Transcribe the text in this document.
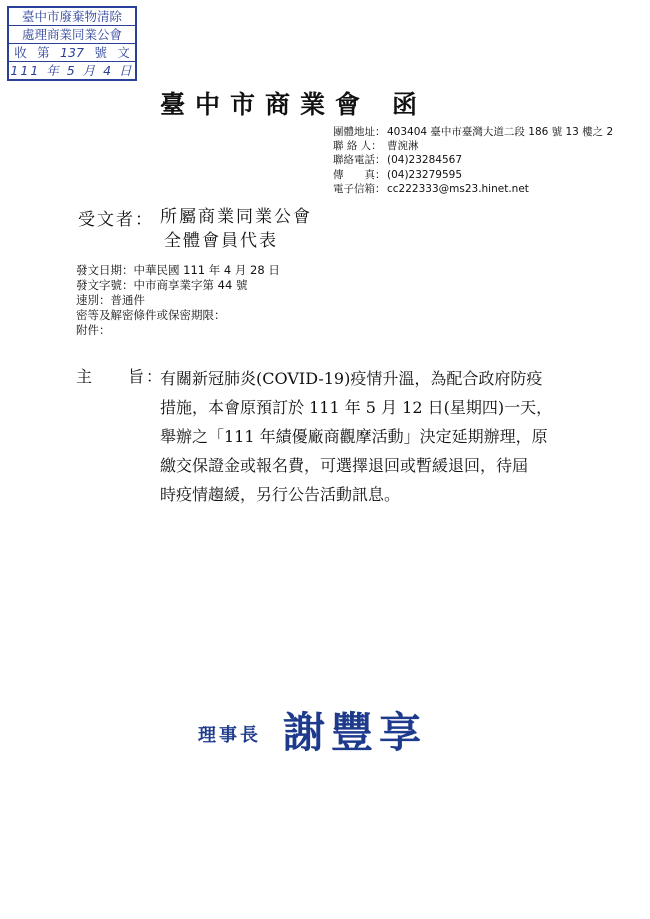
臺中市廢棄物清除
處理商業同業公會
收 第 137 號 文
111 年 5 月 4 日
臺中市商業會 函
團體地址： 403404 臺中市臺灣大道二段 186 號 13 樓之 2
聯 絡 人： 曹涴淋
聯絡電話： (04)23284567
傳　　真： (04)23279595
電子信箱： cc222333@ms23.hinet.net
受文者： 所屬商業同業公會
全體會員代表
發文日期：中華民國 111 年 4 月 28 日
發文字號：中市商享業字第 44 號
速別：普通件
密等及解密條件或保密期限：
附件：
主 旨 ：
有關新冠肺炎(COVID-19)疫情升溫，為配合政府防疫
措施，本會原預訂於 111 年 5 月 12 日(星期四)一天，
舉辦之「111 年績優廠商觀摩活動」決定延期辦理，原
繳交保證金或報名費，可選擇退回或暫緩退回，待屆
時疫情趨緩，另行公告活動訊息。
理事長 謝豐享
